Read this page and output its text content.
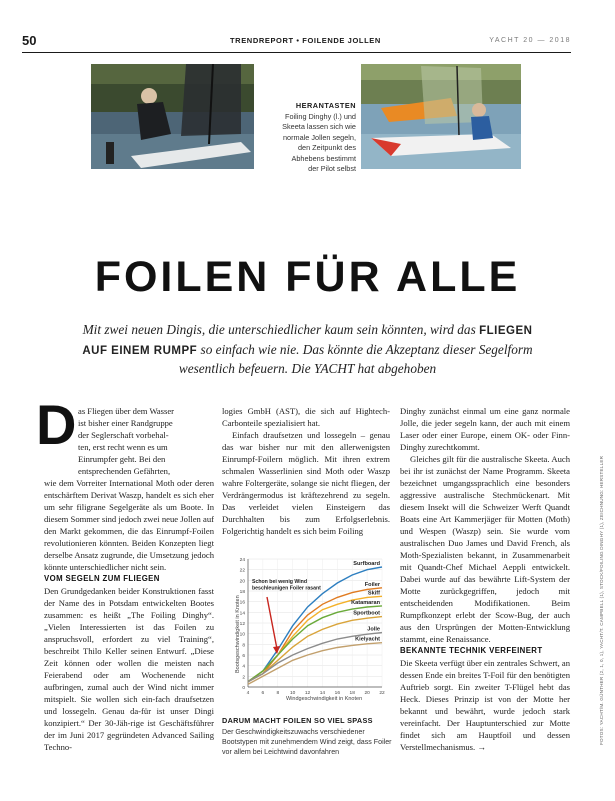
50	TRENDREPORT • FOILENDE JOLLEN	YACHT 20 — 2018
HERANTASTEN
Foiling Dinghy (l.) und
Skeeta lassen sich wie
normale Jollen segeln,
den Zeitpunkt des
Abhebens bestimmt
der Pilot selbst
FOILEN FÜR ALLE
Mit zwei neuen Dingis, die unterschiedlicher kaum sein könnten, wird das FLIEGEN AUF EINEM RUMPF so einfach wie nie. Das könnte die Akzeptanz dieser Segelform wesentlich befeuern. Die YACHT hat abgehoben
D as Fliegen über dem Wasser

ist bisher einer Randgruppe

der Seglerschaft vorbehal-

ten, erst recht wenn es um

Einrumpfer geht. Bei den

entsprechenden Gefährten,

wie dem Vorreiter International Moth oder deren entschärftem Derivat Waszp, handelt es sich eher um sehr filigrane Segelgeräte als um Boote. In diesem Sommer sind jedoch zwei neue Jollen auf den Markt gekommen, die das Einrumpf-Foilen revolutionieren könnten. Beiden Konzepten liegt derselbe Ansatz zugrunde, die Umsetzung jedoch könnte unterschiedlicher nicht sein.

VOM SEGELN ZUM FLIEGEN

Den Grundgedanken beider Konstruktionen fasst der Name des in Potsdam entwickelten Bootes zusammen: es heißt „The Foiling Dinghy“. „Vielen Interessierten ist das Foilen zu anspruchsvoll, erfordert zu viel Training“, beschreibt Thilo Keller seinen Entwurf. „Diese Zeit können oder wollen die meisten nach Feierabend oder am Wochenende nicht aufbringen, zumal auch der Wind nicht immer mitspielt. Sie wollen sich ein-fach draufsetzen und lossegeln. Genau da-für ist unser Dingi konzipiert.“ Der 30-Jäh-rige ist Geschäftsführer der im Juni 2017 gegründeten Advanced Sailing Techno-

logies GmbH (AST), die sich auf Hightech-Carbonteile spezialisiert hat.

Einfach draufsetzen und lossegeln – genau das war bisher nur mit den allerwenigsten Einrumpf-Foilern möglich. Mit ihren extrem schmalen Wasserlinien sind Moth oder Waszp wahre Foltergeräte, solange sie nicht fliegen, der Verdrängermodus ist kräftezehrend zu segeln. Das verleidet vielen Einsteigern das Durchhalten bis zum Erfolgserlebnis. Folgerichtig handelt es sich beim Foiling

Bootsgeschwindigkeit in Knoten
Windgeschwindigkeit in Knoten
0
2
4
6
8
10
12
14
16
18
20
22
24
4	6	8 10 12 14 16 18 20 22
Surfboard
Foiler
Skiff
Katamaran
Sportboot
Jolle
Kielyacht
Schon bei wenig Wind beschleunigen Foiler rasant
DARUM MACHT FOILEN SO VIEL SPASS
Der Geschwindigkeitszuwachs verschiedener Bootstypen mit zunehmendem Wind zeigt, dass Foiler vor allem bei Leichtwind davonfahren

Dinghy zunächst einmal um eine ganz normale Jolle, die jeder segeln kann, der auch mit einem Laser oder einer Europe, einem OK- oder Finn-Dinghy zurechtkommt.

Gleiches gilt für die australische Skeeta. Auch bei ihr ist zunächst der Name Programm. Skeeta bezeichnet umgangssprachlich eine besonders aggressive australische Stechmückenart. Mit diesem Insekt will die Schweizer Werft Quandt Boats eine Art Kammerjäger für Motten (Moth) und Wespen (Waszp) sein. Sie wurde vom australischen Duo James und David French, als Moth-Spezialisten bekannt, in Zusammenarbeit mit Quandt-Chef Michael Aeppli entwickelt. Dabei wurde auf das bewährte Lift-System der Motte zurückgegriffen, jedoch mit entscheidenden Modifikationen. Beim Rumpfkonzept erlebt der Scow-Bug, der auch aus den Ursprüngen der Motten-Entwicklung stammt, eine Renaissance.

BEKANNTE TECHNIK VERFEINERT

Die Skeeta verfügt über ein zentrales Schwert, an dessen Ende ein breites T-Foil für den benötigten Auftrieb sorgt. Ein zweiter T-Flügel hebt das Heck. Dieses Prinzip ist von der Motte her bekannt und bewährt, wurde jedoch stark vereinfacht. Der Hauptunterschied zur Motte findet sich am Hauptfoil und dessen Verstellmechanismus. →

FOTOS: YACHT/M. GÜNTHER (2, 1, 0, 1), YACHT/T. CAMPBELL (1), STOCK/FOILING DINGHY (1), ZEICHNUNG: HERSTELLER
